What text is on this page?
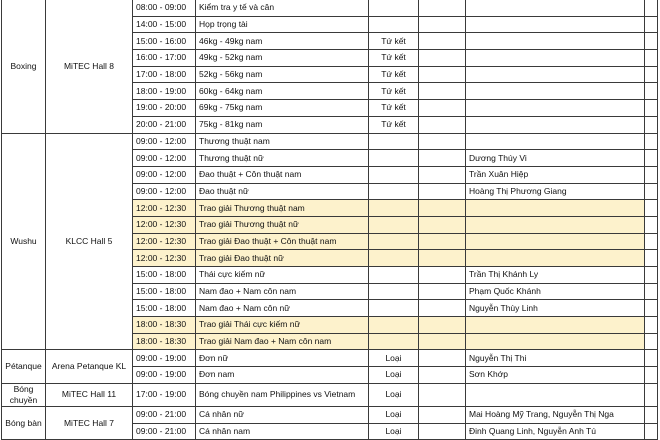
Boxing	MiTEC Hall 8	08:00 - 09:00	Kiểm tra y tế và cân				
		14:00 - 15:00	Họp trọng tài				
		15:00 - 16:00	46kg - 49kg nam	Tứ kết			
		16:00 - 17:00	49kg - 52kg nam	Tứ kết			
		17:00 - 18:00	52kg - 56kg nam	Tứ kết			
		18:00 - 19:00	60kg - 64kg nam	Tứ kết			
		19:00 - 20:00	69kg - 75kg nam	Tứ kết			
		20:00 - 21:00	75kg - 81kg nam	Tứ kết			
Wushu	KLCC Hall 5	09:00 - 12:00	Thương thuật nam				
		09:00 - 12:00	Thương thuật nữ			Dương Thúy Vi	
		09:00 - 12:00	Đao thuật + Côn thuật nam			Trần Xuân Hiệp	
		09:00 - 12:00	Đao thuật nữ			Hoàng Thị Phương Giang	
		12:00 - 12:30	Trao giải Thương thuật nam				
		12:00 - 12:30	Trao giải Thương thuật nữ				
		12:00 - 12:30	Trao giải Đao thuật + Côn thuật nam				
		12:00 - 12:30	Trao giải Đao thuật nữ				
		15:00 - 18:00	Thái cực kiếm nữ			Trần Thị Khánh Ly	
		15:00 - 18:00	Nam đao + Nam côn nam			Phạm Quốc Khánh	
		15:00 - 18:00	Nam đao + Nam côn nữ			Nguyễn Thùy Linh	
		18:00 - 18:30	Trao giải Thái cực kiếm nữ				
		18:00 - 18:30	Trao giải Nam đao + Nam côn nam				
Pétanque	Arena Petanque KL	09:00 - 19:00	Đơn nữ	Loại		Nguyễn Thị Thi	
		09:00 - 19:00	Đơn nam	Loại		Sơn Khớp	
Bóng
chuyền	MiTEC Hall 11	17:00 - 19:00	Bóng chuyền nam Philippines vs Vietnam	Loại			
Bóng bàn	MiTEC Hall 7	09:00 - 21:00	Cá nhân nữ	Loại		Mai Hoàng Mỹ Trang, Nguyễn Thị Nga	
		09:00 - 21:00	Cá nhân nam	Loại		Đinh Quang Linh, Nguyễn Anh Tú	
